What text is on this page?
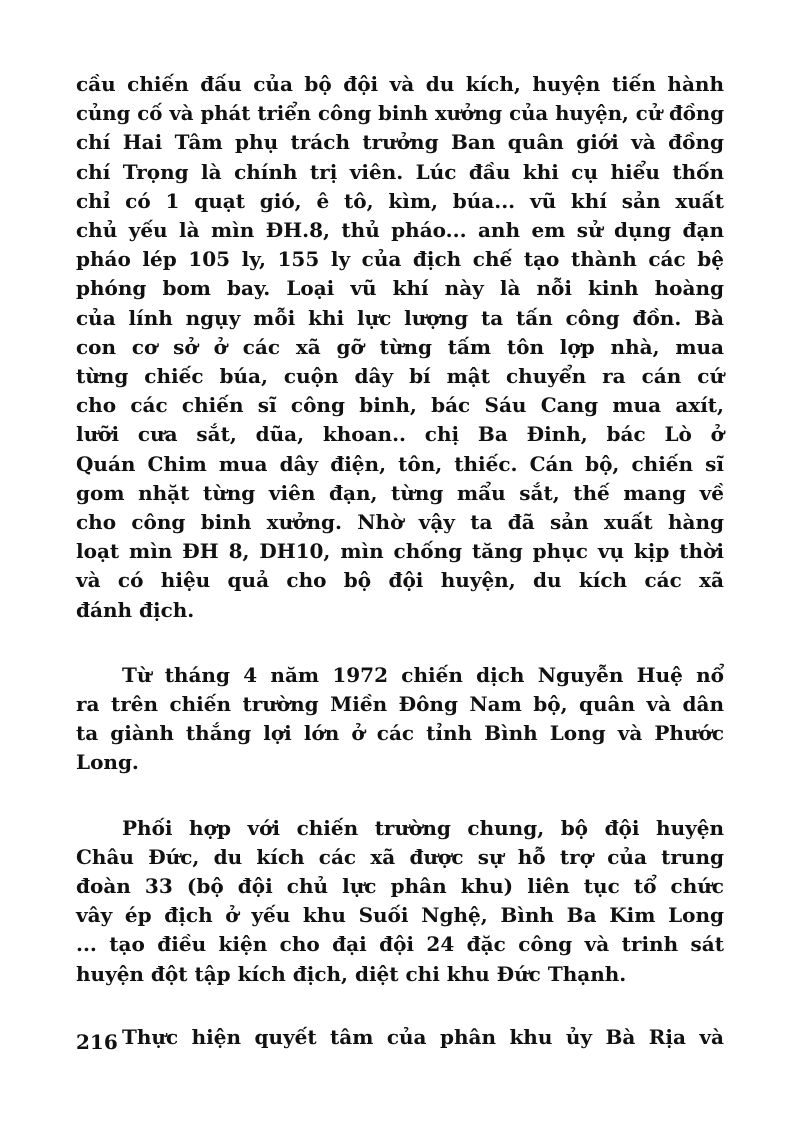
cầu chiến đấu của bộ đội và du kích, huyện tiến hành
củng cố và phát triển công binh xưởng của huyện, cử đồng
chí Hai Tâm phụ trách trưởng Ban quân giới và đồng
chí Trọng là chính trị viên. Lúc đầu khi cụ hiểu thốn
chỉ có 1 quạt gió, ê tô, kìm, búa... vũ khí sản xuất
chủ yếu là mìn ĐH.8, thủ pháo... anh em sử dụng đạn
pháo lép 105 ly, 155 ly của địch chế tạo thành các bệ
phóng bom bay. Loại vũ khí này là nỗi kinh hoàng
của lính ngụy mỗi khi lực lượng ta tấn công đồn. Bà
con cơ sở ở các xã gỡ từng tấm tôn lợp nhà, mua
từng chiếc búa, cuộn dây bí mật chuyển ra cán cứ
cho các chiến sĩ công binh, bác Sáu Cang mua axít,
lưỡi cưa sắt, dũa, khoan.. chị Ba Đinh, bác Lò ở
Quán Chim mua dây điện, tôn, thiếc. Cán bộ, chiến sĩ
gom nhặt từng viên đạn, từng mẩu sắt, thế mang về
cho công binh xưởng. Nhờ vậy ta đã sản xuất hàng
loạt mìn ĐH 8, DH10, mìn chống tăng phục vụ kịp thời
và có hiệu quả cho bộ đội huyện, du kích các xã
đánh địch.
Từ tháng 4 năm 1972 chiến dịch Nguyễn Huệ nổ
ra trên chiến trường Miền Đông Nam bộ, quân và dân
ta giành thắng lợi lớn ở các tỉnh Bình Long và Phước
Long.
Phối hợp với chiến trường chung, bộ đội huyện
Châu Đức, du kích các xã được sự hỗ trợ của trung
đoàn 33 (bộ đội chủ lực phân khu) liên tục tổ chức
vây ép địch ở yếu khu Suối Nghệ, Bình Ba Kim Long
... tạo điều kiện cho đại đội 24 đặc công và trinh sát
huyện đột tập kích địch, diệt chi khu Đức Thạnh.
Thực hiện quyết tâm của phân khu ủy Bà Rịa và
216
